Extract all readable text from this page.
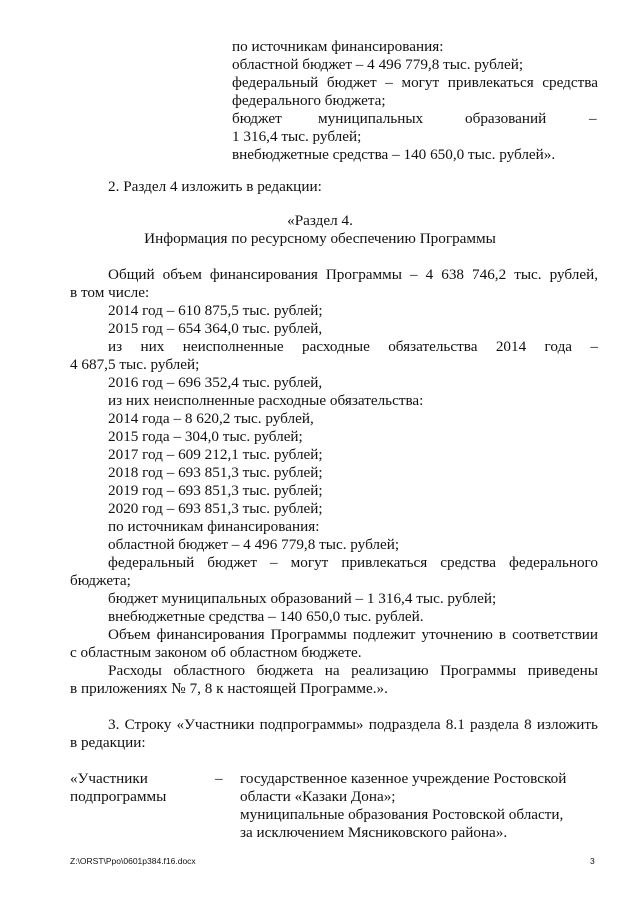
по источникам финансирования:
областной бюджет – 4 496 779,8 тыс. рублей;
федеральный бюджет – могут привлекаться средства
федерального бюджета;
бюджет муниципальных	образований	–
1 316,4 тыс. рублей;
внебюджетные средства – 140 650,0 тыс. рублей».
2. Раздел 4 изложить в редакции:
«Раздел 4.
Информация по ресурсному обеспечению Программы
Общий объем финансирования Программы – 4 638 746,2 тыс. рублей,
в том числе:
2014 год – 610 875,5 тыс. рублей;
2015 год – 654 364,0 тыс. рублей,
из них неисполненные расходные обязательства 2014 года –
4 687,5 тыс. рублей;
2016 год – 696 352,4 тыс. рублей,
из них неисполненные расходные обязательства:
2014 года – 8 620,2 тыс. рублей,
2015 года – 304,0 тыс. рублей;
2017 год – 609 212,1 тыс. рублей;
2018 год – 693 851,3 тыс. рублей;
2019 год – 693 851,3 тыс. рублей;
2020 год – 693 851,3 тыс. рублей;
по источникам финансирования:
областной бюджет – 4 496 779,8 тыс. рублей;
федеральный бюджет – могут привлекаться средства федерального
бюджета;
бюджет муниципальных образований – 1 316,4 тыс. рублей;
внебюджетные средства – 140 650,0 тыс. рублей.
Объем финансирования Программы подлежит уточнению в соответствии
с областным законом об областном бюджете.
Расходы областного бюджета на реализацию Программы приведены
в приложениях № 7, 8 к настоящей Программе.».
3. Строку «Участники подпрограммы» подраздела 8.1 раздела 8 изложить
в редакции:
«Участники
подпрограммы
– государственное казенное учреждение Ростовской
области «Казаки Дона»;
муниципальные образования Ростовской области,
за исключением Мясниковского района».
Z:\ORST\Ppo\0601p384.f16.docx	3
